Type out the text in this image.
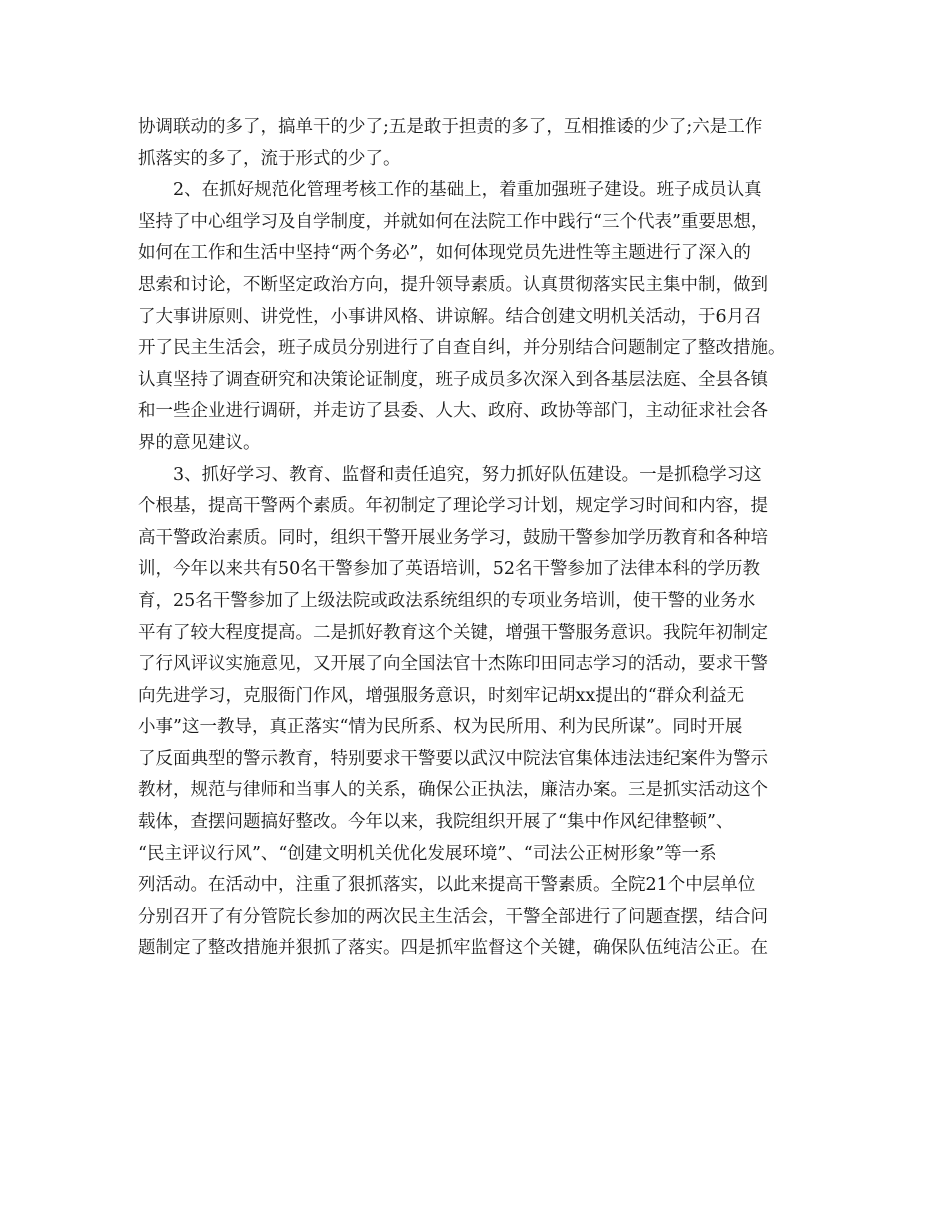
协调联动的多了，搞单干的少了;五是敢于担责的多了，互相推诿的少了;六是工作
抓落实的多了，流于形式的少了。
　　2、在抓好规范化管理考核工作的基础上，着重加强班子建设。班子成员认真
坚持了中心组学习及自学制度，并就如何在法院工作中践行“三个代表”重要思想，
如何在工作和生活中坚持“两个务必”，如何体现党员先进性等主题进行了深入的
思索和讨论，不断坚定政治方向，提升领导素质。认真贯彻落实民主集中制，做到
了大事讲原则、讲党性，小事讲风格、讲谅解。结合创建文明机关活动，于6月召
开了民主生活会，班子成员分别进行了自查自纠，并分别结合问题制定了整改措施。
认真坚持了调查研究和决策论证制度，班子成员多次深入到各基层法庭、全县各镇
和一些企业进行调研，并走访了县委、人大、政府、政协等部门，主动征求社会各
界的意见建议。
　　3、抓好学习、教育、监督和责任追究，努力抓好队伍建设。一是抓稳学习这
个根基，提高干警两个素质。年初制定了理论学习计划，规定学习时间和内容，提
高干警政治素质。同时，组织干警开展业务学习，鼓励干警参加学历教育和各种培
训，今年以来共有50名干警参加了英语培训，52名干警参加了法律本科的学历教
育，25名干警参加了上级法院或政法系统组织的专项业务培训，使干警的业务水
平有了较大程度提高。二是抓好教育这个关键，增强干警服务意识。我院年初制定
了行风评议实施意见，又开展了向全国法官十杰陈印田同志学习的活动，要求干警
向先进学习，克服衙门作风，增强服务意识，时刻牢记胡xx提出的“群众利益无
小事”这一教导，真正落实“情为民所系、权为民所用、利为民所谋”。同时开展
了反面典型的警示教育，特别要求干警要以武汉中院法官集体违法违纪案件为警示
教材，规范与律师和当事人的关系，确保公正执法，廉洁办案。三是抓实活动这个
载体，查摆问题搞好整改。今年以来，我院组织开展了“集中作风纪律整顿”、
“民主评议行风”、“创建文明机关优化发展环境”、“司法公正树形象”等一系
列活动。在活动中，注重了狠抓落实，以此来提高干警素质。全院21个中层单位
分别召开了有分管院长参加的两次民主生活会，干警全部进行了问题查摆，结合问
题制定了整改措施并狠抓了落实。四是抓牢监督这个关键，确保队伍纯洁公正。在
